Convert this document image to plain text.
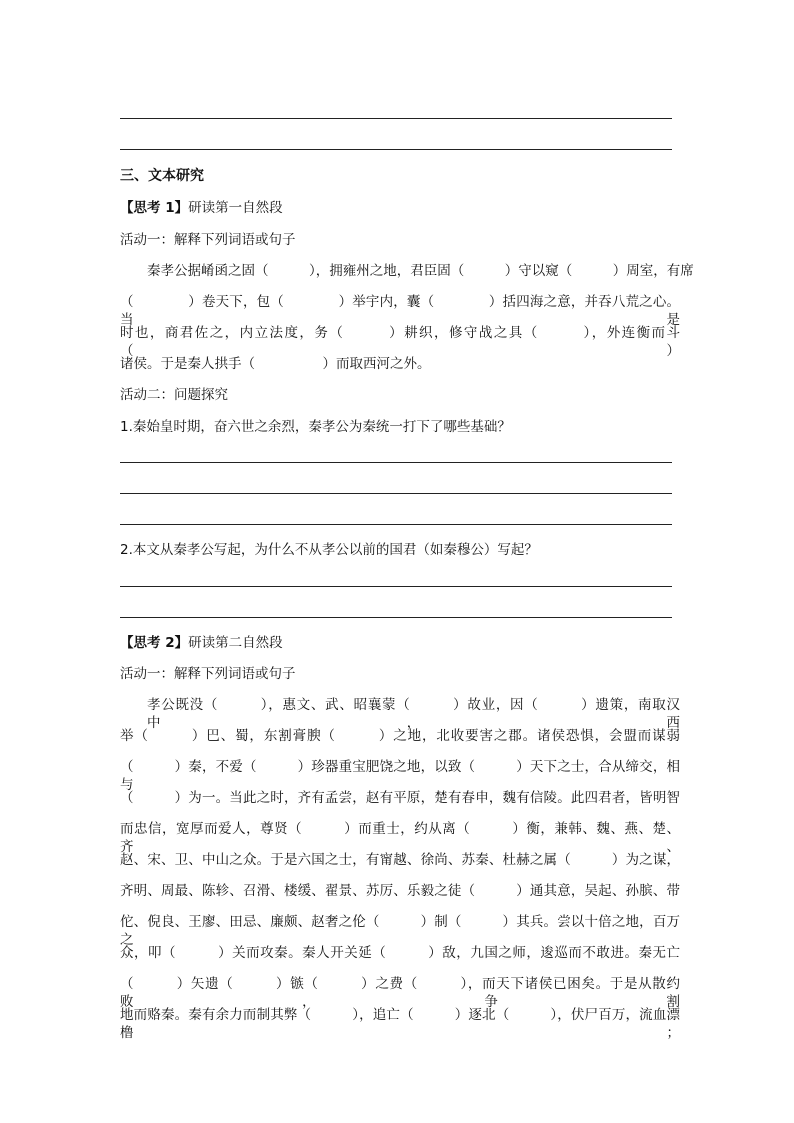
三、文本研究
【思考 1】研读第一自然段
活动一：解释下列词语或句子
秦孝公据崤函之固（　　　），拥雍州之地，君臣固（　　　）守以窥（　　　）周室，有席
（　　　　）卷天下，包（　　　　）举宇内，囊（　　　　）括四海之意，并吞八荒之心。当是
时也，商君佐之，内立法度，务（　　　）耕织，修守战之具（　　　），外连衡而斗（　　　）
诸侯。于是秦人拱手（　　　　　）而取西河之外。
活动二：问题探究
1.秦始皇时期，奋六世之余烈，秦孝公为秦统一打下了哪些基础？
2.本文从秦孝公写起，为什么不从孝公以前的国君（如秦穆公）写起？
【思考 2】研读第二自然段
活动一：解释下列词语或句子
孝公既没（　　　），惠文、武、昭襄蒙（　　　）故业，因（　　　）遗策，南取汉中，西
举（　　　）巴、蜀，东割膏腴（　　　）之地，北收要害之郡。诸侯恐惧，会盟而谋弱
（　　　）秦，不爱（　　　）珍器重宝肥饶之地，以致（　　　）天下之士，合从缔交，相与
（　　　）为一。当此之时，齐有孟尝，赵有平原，楚有春申，魏有信陵。此四君者，皆明智
而忠信，宽厚而爱人，尊贤（　　　）而重士，约从离（　　　）衡，兼韩、魏、燕、楚、齐、
赵、宋、卫、中山之众。于是六国之士，有甯越、徐尚、苏秦、杜赫之属（　　　）为之谋，
齐明、周最、陈轸、召滑、楼缓、翟景、苏厉、乐毅之徒（　　　）通其意，吴起、孙膑、带
佗、倪良、王廖、田忌、廉颇、赵奢之伦（　　　）制（　　　）其兵。尝以十倍之地，百万之
众，叩（　　　）关而攻秦。秦人开关延（　　　）敌，九国之师，逡巡而不敢进。秦无亡
（　　　）矢遗（　　　）镞（　　　）之费（　　　），而天下诸侯已困矣。于是从散约败，争割
地而赂秦。秦有余力而制其弊（　　　），追亡（　　　）逐北（　　　），伏尸百万，流血漂橹；
